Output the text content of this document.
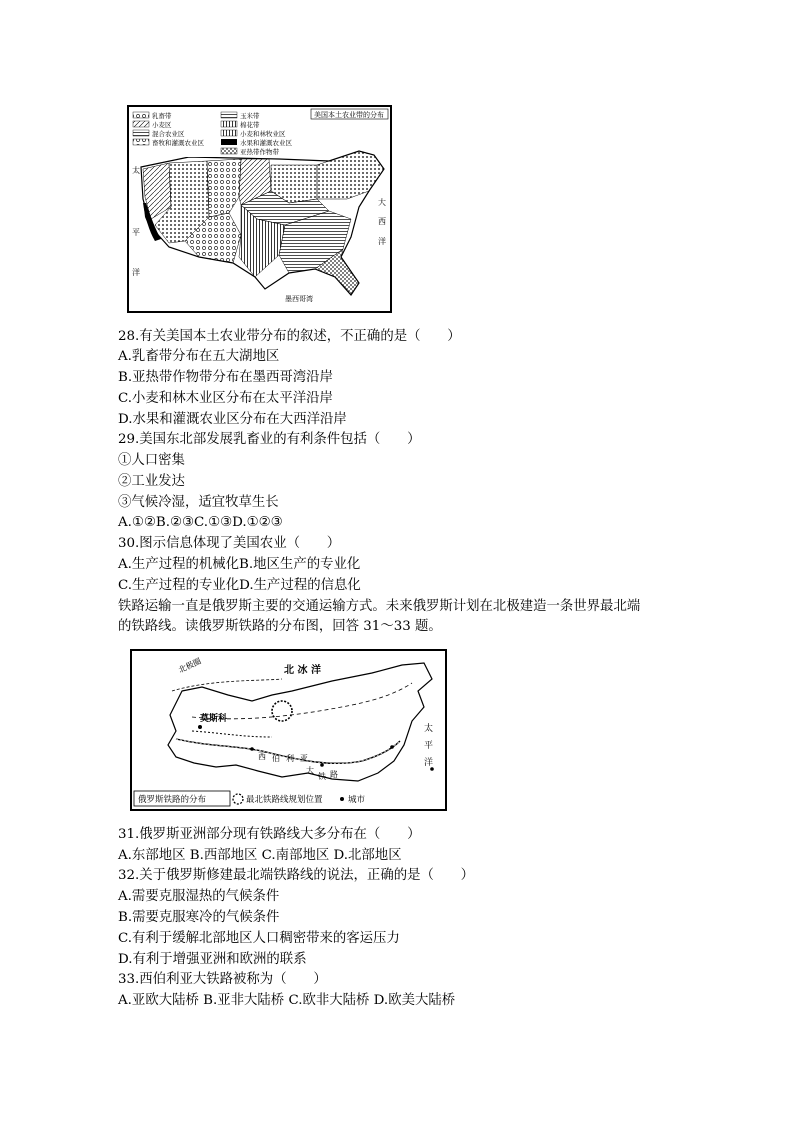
美国本土农业带的分布
乳畜带
小麦区
混合农业区
畜牧和灌溉农业区
玉米带
棉花带
小麦和林牧业区
水果和灌溉农业区
亚热带作物带
太
平
洋
大
西
洋
墨西哥湾
28.有关美国本土农业带分布的叙述，不正确的是（　　）
A.乳畜带分布在五大湖地区
B.亚热带作物带分布在墨西哥湾沿岸
C.小麦和林木业区分布在太平洋沿岸
D.水果和灌溉农业区分布在大西洋沿岸
29.美国东北部发展乳畜业的有利条件包括（　　）
①人口密集
②工业发达
③气候冷湿，适宜牧草生长
A.①②B.②③C.①③D.①②③
30.图示信息体现了美国农业（　　）
A.生产过程的机械化B.地区生产的专业化
C.生产过程的专业化D.生产过程的信息化
铁路运输一直是俄罗斯主要的交通运输方式。未来俄罗斯计划在北极建造一条世界最北端
的铁路线。读俄罗斯铁路的分布图，回答 31～33 题。
北极圈	北 冰 洋
莫斯科
西 伯 利 亚
大
铁 路
太
平
洋
俄罗斯铁路的分布	最北铁路线规划位置	城市
31.俄罗斯亚洲部分现有铁路线大多分布在（　　）
A.东部地区 B.西部地区 C.南部地区 D.北部地区
32.关于俄罗斯修建最北端铁路线的说法，正确的是（　　）
A.需要克服湿热的气候条件
B.需要克服寒冷的气候条件
C.有利于缓解北部地区人口稠密带来的客运压力
D.有利于增强亚洲和欧洲的联系
33.西伯利亚大铁路被称为（　　）
A.亚欧大陆桥 B.亚非大陆桥 C.欧非大陆桥 D.欧美大陆桥
